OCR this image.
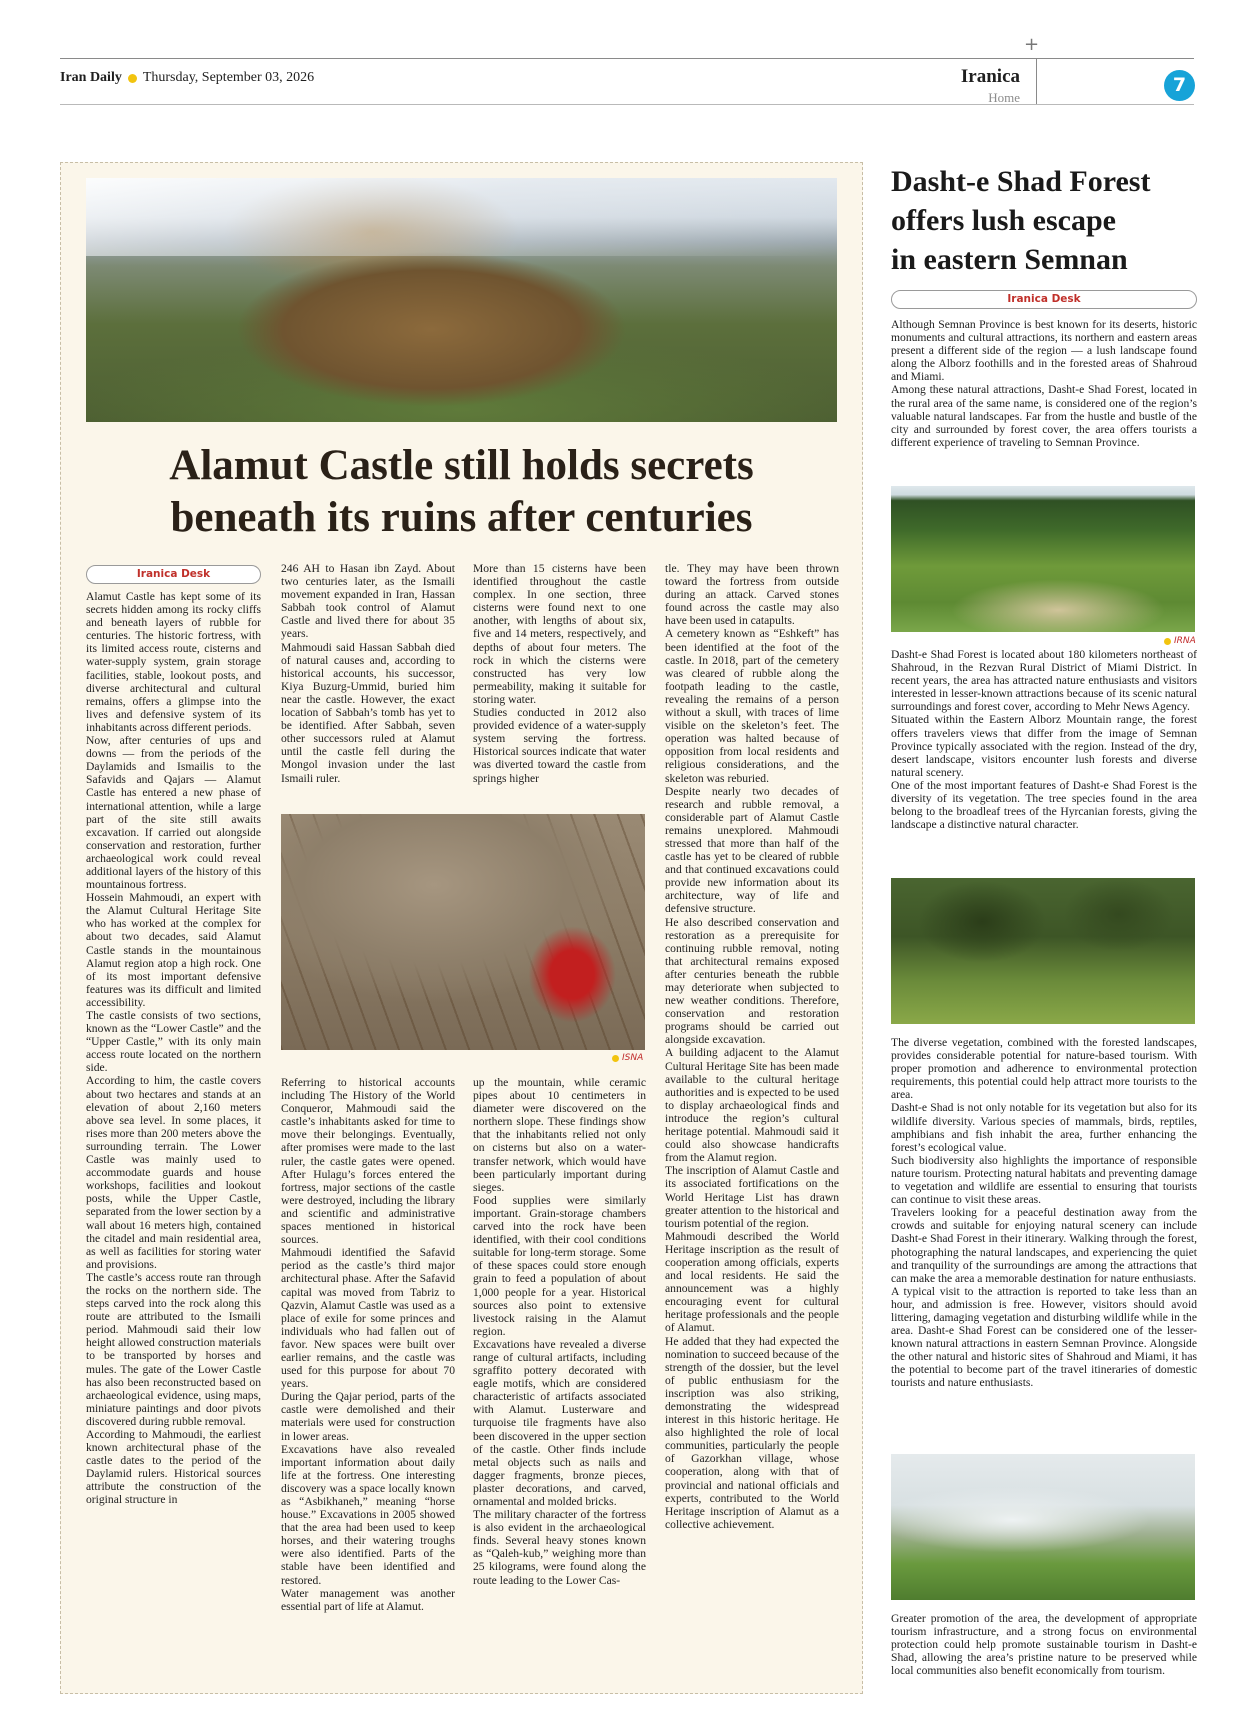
Iran Daily Thursday, September 03, 2026
+
Iranica
Home
7
Alamut Castle still holds secrets
beneath its ruins after centuries
Iranica Desk

Alamut Castle has kept some of its secrets hidden among its rocky cliffs and beneath layers of rubble for centuries. The historic fortress, with its limited access route, cisterns and water-supply system, grain storage facilities, stable, lookout posts, and diverse architectural and cultural remains, offers a glimpse into the lives and defensive system of its inhabitants across different periods.

Now, after centuries of ups and downs — from the periods of the Daylamids and Ismailis to the Safavids and Qajars — Alamut Castle has entered a new phase of international attention, while a large part of the site still awaits excavation. If carried out alongside conservation and restoration, further archaeological work could reveal additional layers of the history of this mountainous fortress.

Hossein Mahmoudi, an expert with the Alamut Cultural Heritage Site who has worked at the complex for about two decades, said Alamut Castle stands in the mountainous Alamut region atop a high rock. One of its most important defensive features was its difficult and limited accessibility.

The castle consists of two sections, known as the “Lower Castle” and the “Upper Castle,” with its only main access route located on the northern side.

According to him, the castle covers about two hectares and stands at an elevation of about 2,160 meters above sea level. In some places, it rises more than 200 meters above the surrounding terrain. The Lower Castle was mainly used to accommodate guards and house workshops, facilities and lookout posts, while the Upper Castle, separated from the lower section by a wall about 16 meters high, contained the citadel and main residential area, as well as facilities for storing water and provisions.

The castle’s access route ran through the rocks on the northern side. The steps carved into the rock along this route are attributed to the Ismaili period. Mahmoudi said their low height allowed construction materials to be transported by horses and mules. The gate of the Lower Castle has also been reconstructed based on archaeological evidence, using maps, miniature paintings and door pivots discovered during rubble removal.

According to Mahmoudi, the earliest known architectural phase of the castle dates to the period of the Daylamid rulers. Historical sources attribute the construction of the original structure in

246 AH to Hasan ibn Zayd. About two centuries later, as the Ismaili movement expanded in Iran, Hassan Sabbah took control of Alamut Castle and lived there for about 35 years.

Mahmoudi said Hassan Sabbah died of natural causes and, according to historical accounts, his successor, Kiya Buzurg-Ummid, buried him near the castle. However, the exact location of Sabbah’s tomb has yet to be identified. After Sabbah, seven other successors ruled at Alamut until the castle fell during the Mongol invasion under the last Ismaili ruler.

More than 15 cisterns have been identified throughout the castle complex. In one section, three cisterns were found next to one another, with lengths of about six, five and 14 meters, respectively, and depths of about four meters. The rock in which the cisterns were constructed has very low permeability, making it suitable for storing water.

Studies conducted in 2012 also provided evidence of a water-supply system serving the fortress. Historical sources indicate that water was diverted toward the castle from springs higher

ISNA

Referring to historical accounts including The History of the World Conqueror, Mahmoudi said the castle’s inhabitants asked for time to move their belongings. Eventually, after promises were made to the last ruler, the castle gates were opened. After Hulagu’s forces entered the fortress, major sections of the castle were destroyed, including the library and scientific and administrative spaces mentioned in historical sources.

Mahmoudi identified the Safavid period as the castle’s third major architectural phase. After the Safavid capital was moved from Tabriz to Qazvin, Alamut Castle was used as a place of exile for some princes and individuals who had fallen out of favor. New spaces were built over earlier remains, and the castle was used for this purpose for about 70 years.

During the Qajar period, parts of the castle were demolished and their materials were used for construction in lower areas.

Excavations have also revealed important information about daily life at the fortress. One interesting discovery was a space locally known as “Asbikhaneh,” meaning “horse house.” Excavations in 2005 showed that the area had been used to keep horses, and their watering troughs were also identified. Parts of the stable have been identified and restored.

Water management was another essential part of life at Alamut.

up the mountain, while ceramic pipes about 10 centimeters in diameter were discovered on the northern slope. These findings show that the inhabitants relied not only on cisterns but also on a water-transfer network, which would have been particularly important during sieges.

Food supplies were similarly important. Grain-storage chambers carved into the rock have been identified, with their cool conditions suitable for long-term storage. Some of these spaces could store enough grain to feed a population of about 1,000 people for a year. Historical sources also point to extensive livestock raising in the Alamut region.

Excavations have revealed a diverse range of cultural artifacts, including sgraffito pottery decorated with eagle motifs, which are considered characteristic of artifacts associated with Alamut. Lusterware and turquoise tile fragments have also been discovered in the upper section of the castle. Other finds include metal objects such as nails and dagger fragments, bronze pieces, plaster decorations, and carved, ornamental and molded bricks.

The military character of the fortress is also evident in the archaeological finds. Several heavy stones known as “Qaleh-kub,” weighing more than 25 kilograms, were found along the route leading to the Lower Cas-

tle. They may have been thrown toward the fortress from outside during an attack. Carved stones found across the castle may also have been used in catapults.

A cemetery known as “Eshkeft” has been identified at the foot of the castle. In 2018, part of the cemetery was cleared of rubble along the footpath leading to the castle, revealing the remains of a person without a skull, with traces of lime visible on the skeleton’s feet. The operation was halted because of opposition from local residents and religious considerations, and the skeleton was reburied.

Despite nearly two decades of research and rubble removal, a considerable part of Alamut Castle remains unexplored. Mahmoudi stressed that more than half of the castle has yet to be cleared of rubble and that continued excavations could provide new information about its architecture, way of life and defensive structure.

He also described conservation and restoration as a prerequisite for continuing rubble removal, noting that architectural remains exposed after centuries beneath the rubble may deteriorate when subjected to new weather conditions. Therefore, conservation and restoration programs should be carried out alongside excavation.

A building adjacent to the Alamut Cultural Heritage Site has been made available to the cultural heritage authorities and is expected to be used to display archaeological finds and introduce the region’s cultural heritage potential. Mahmoudi said it could also showcase handicrafts from the Alamut region.

The inscription of Alamut Castle and its associated fortifications on the World Heritage List has drawn greater attention to the historical and tourism potential of the region.

Mahmoudi described the World Heritage inscription as the result of cooperation among officials, experts and local residents. He said the announcement was a highly encouraging event for cultural heritage professionals and the people of Alamut.

He added that they had expected the nomination to succeed because of the strength of the dossier, but the level of public enthusiasm for the inscription was also striking, demonstrating the widespread interest in this historic heritage. He also highlighted the role of local communities, particularly the people of Gazorkhan village, whose cooperation, along with that of provincial and national officials and experts, contributed to the World Heritage inscription of Alamut as a collective achievement.

Dasht-e Shad Forest
offers lush escape
in eastern Semnan
Iranica Desk

Although Semnan Province is best known for its deserts, historic monuments and cultural attractions, its northern and eastern areas present a different side of the region — a lush landscape found along the Alborz foothills and in the forested areas of Shahroud and Miami.

Among these natural attractions, Dasht-e Shad Forest, located in the rural area of the same name, is considered one of the region’s valuable natural landscapes. Far from the hustle and bustle of the city and surrounded by forest cover, the area offers tourists a different experience of traveling to Semnan Province.

IRNA

Dasht-e Shad Forest is located about 180 kilometers northeast of Shahroud, in the Rezvan Rural District of Miami District. In recent years, the area has attracted nature enthusiasts and visitors interested in lesser-known attractions because of its scenic natural surroundings and forest cover, according to Mehr News Agency.

Situated within the Eastern Alborz Mountain range, the forest offers travelers views that differ from the image of Semnan Province typically associated with the region. Instead of the dry, desert landscape, visitors encounter lush forests and diverse natural scenery.

One of the most important features of Dasht-e Shad Forest is the diversity of its vegetation. The tree species found in the area belong to the broadleaf trees of the Hyrcanian forests, giving the landscape a distinctive natural character.

The diverse vegetation, combined with the forested landscapes, provides considerable potential for nature-based tourism. With proper promotion and adherence to environmental protection requirements, this potential could help attract more tourists to the area.

Dasht-e Shad is not only notable for its vegetation but also for its wildlife diversity. Various species of mammals, birds, reptiles, amphibians and fish inhabit the area, further enhancing the forest’s ecological value.

Such biodiversity also highlights the importance of responsible nature tourism. Protecting natural habitats and preventing damage to vegetation and wildlife are essential to ensuring that tourists can continue to visit these areas.

Travelers looking for a peaceful destination away from the crowds and suitable for enjoying natural scenery can include Dasht-e Shad Forest in their itinerary. Walking through the forest, photographing the natural landscapes, and experiencing the quiet and tranquility of the surroundings are among the attractions that can make the area a memorable destination for nature enthusiasts.

A typical visit to the attraction is reported to take less than an hour, and admission is free. However, visitors should avoid littering, damaging vegetation and disturbing wildlife while in the area. Dasht-e Shad Forest can be considered one of the lesser-known natural attractions in eastern Semnan Province. Alongside the other natural and historic sites of Shahroud and Miami, it has the potential to become part of the travel itineraries of domestic tourists and nature enthusiasts.

Greater promotion of the area, the development of appropriate tourism infrastructure, and a strong focus on environmental protection could help promote sustainable tourism in Dasht-e Shad, allowing the area’s pristine nature to be preserved while local communities also benefit economically from tourism.
